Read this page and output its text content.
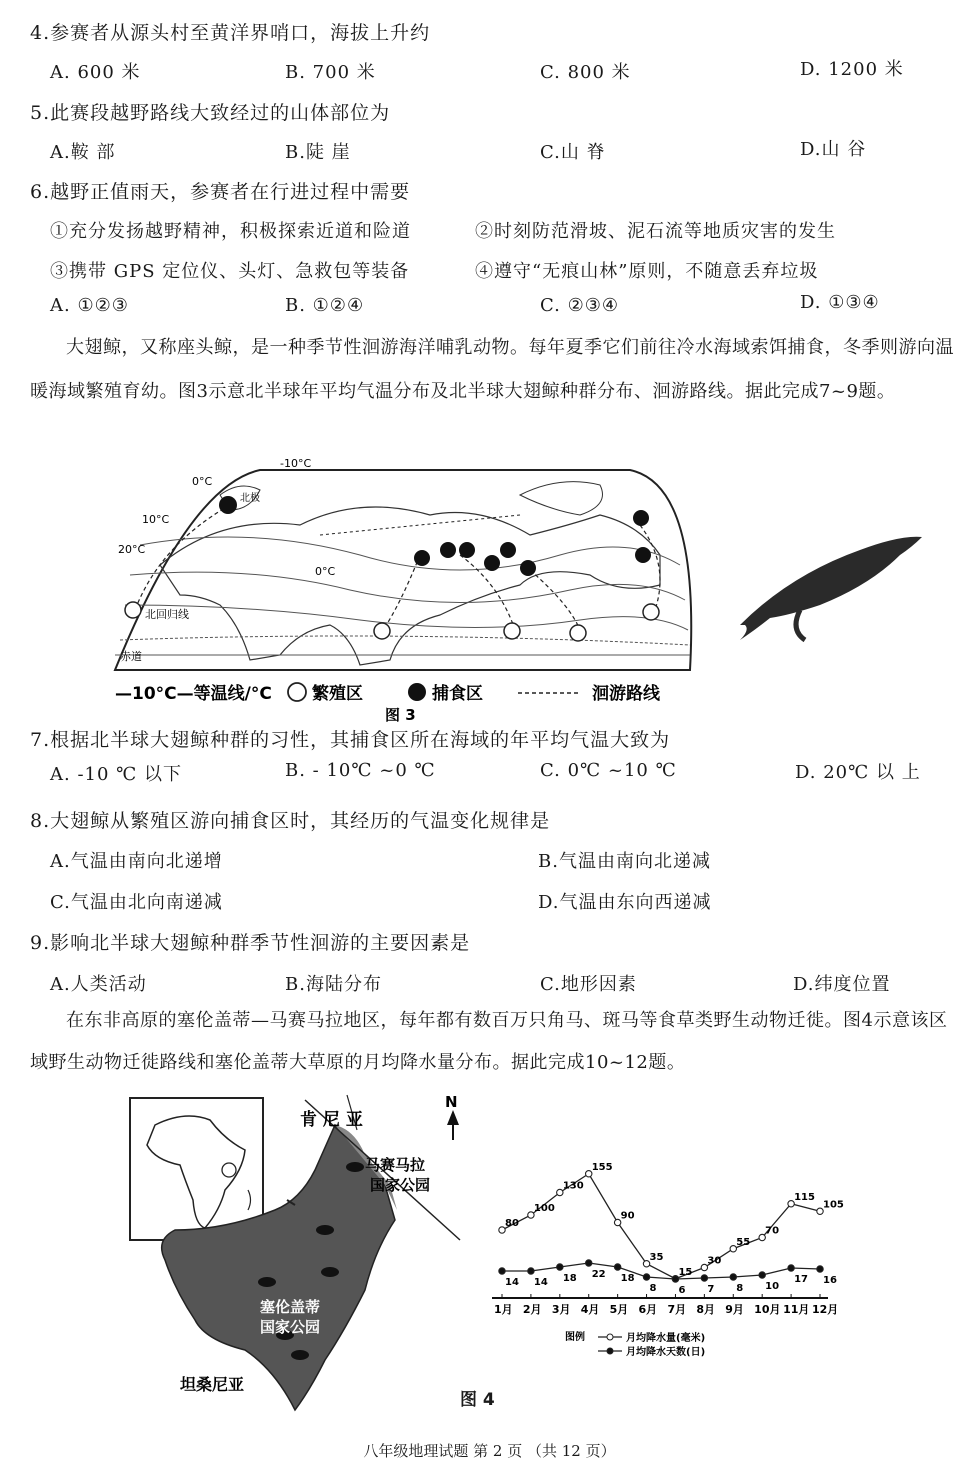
4.参赛者从源头村至黄洋界哨口，海拔上升约
A. 600 米	B. 700 米	C. 800 米	D. 1200 米
5.此赛段越野路线大致经过的山体部位为
A.鞍 部	B.陡 崖	C.山 脊	D.山 谷
6.越野正值雨天，参赛者在行进过程中需要
①充分发扬越野精神，积极探索近道和险道	②时刻防范滑坡、泥石流等地质灾害的发生
③携带 GPS 定位仪、头灯、急救包等装备	④遵守“无痕山林”原则，不随意丢弃垃圾
A. ①②③	B. ①②④	C. ②③④	D. ①③④
大翅鲸，又称座头鲸，是一种季节性洄游海洋哺乳动物。每年夏季它们前往冷水海域索饵捕食，冬季则游向温暖海域繁殖育幼。图3示意北半球年平均气温分布及北半球大翅鲸种群分布、洄游路线。据此完成7~9题。
-10°C
0°C
10°C
20°C
0°C
北极
北回归线
赤道
—10°C—等温线/°C 繁殖区	捕食区	洄游路线
图 3
7.根据北半球大翅鲸种群的习性，其捕食区所在海域的年平均气温大致为
A. -10 ℃ 以下	B. - 10℃ ~0 ℃	C. 0℃ ~10 ℃	D. 20℃ 以 上
8.大翅鲸从繁殖区游向捕食区时，其经历的气温变化规律是
A.气温由南向北递增	B.气温由南向北递减
C.气温由北向南递减	D.气温由东向西递减
9.影响北半球大翅鲸种群季节性洄游的主要因素是
A.人类活动	B.海陆分布	C.地形因素	D.纬度位置
在东非高原的塞伦盖蒂—马赛马拉地区，每年都有数百万只角马、斑马等食草类野生动物迁徙。图4示意该区域野生动物迁徙路线和塞伦盖蒂大草原的月均降水量分布。据此完成10~12题。
N
肯 尼 亚
马赛马拉
国家公园
塞伦盖蒂
国家公园
坦桑尼亚
1月 2月 3月 4月 5月 6月 7月 8月 9月 10月 11月 12月
80
100
130
155
90
35
15
30
55
70
115
105
14 14 18 22 18
8 6 7 8 10
17 16
图例	月均降水量(毫米)
月均降水天数(日)
图 4
八年级地理试题 第 2 页 （共 12 页）
